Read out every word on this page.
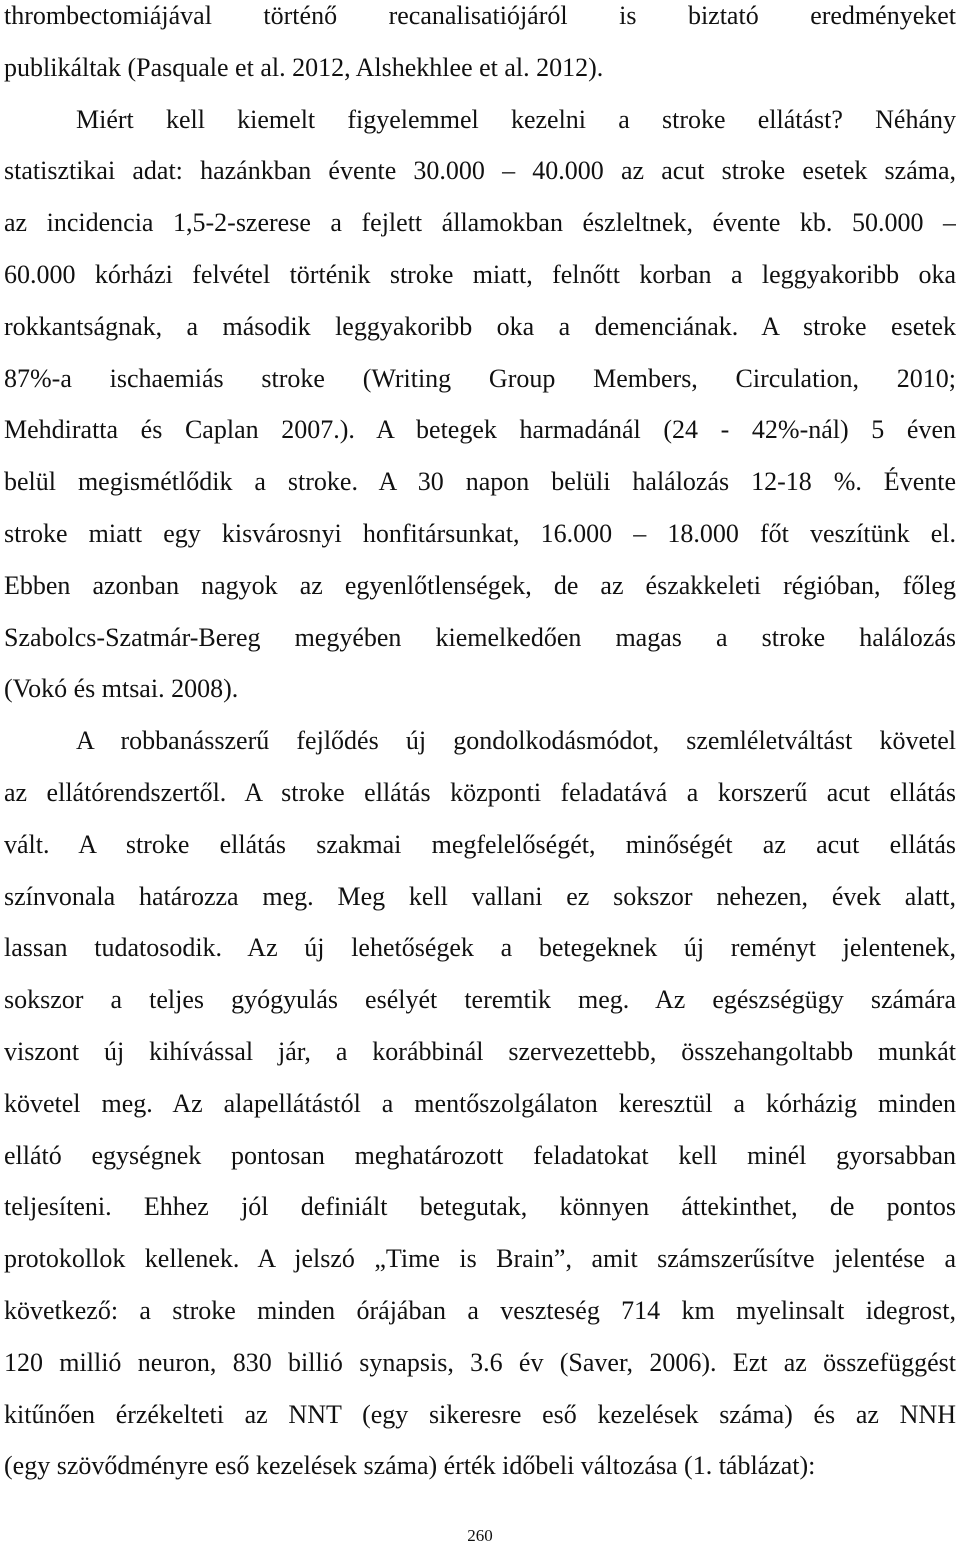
thrombectomiájával történő recanalisatiójáról is biztató eredményeket
publikáltak (Pasquale et al. 2012, Alshekhlee et al. 2012).
Miért kell kiemelt figyelemmel kezelni a stroke ellátást? Néhány
statisztikai adat: hazánkban évente 30.000 – 40.000 az acut stroke esetek száma,
az incidencia 1,5-2-szerese a fejlett államokban észleltnek, évente kb. 50.000 –
60.000 kórházi felvétel történik stroke miatt, felnőtt korban a leggyakoribb oka
rokkantságnak, a második leggyakoribb oka a demenciának. A stroke esetek
87%-a ischaemiás stroke (Writing Group Members, Circulation, 2010;
Mehdiratta és Caplan 2007.). A betegek harmadánál (24 - 42%-nál) 5 éven
belül megismétlődik a stroke. A 30 napon belüli halálozás 12-18 %. Évente
stroke miatt egy kisvárosnyi honfitársunkat, 16.000 – 18.000 főt veszítünk el.
Ebben azonban nagyok az egyenlőtlenségek, de az északkeleti régióban, főleg
Szabolcs-Szatmár-Bereg megyében kiemelkedően magas a stroke halálozás
(Vokó és mtsai. 2008).
A robbanásszerű fejlődés új gondolkodásmódot, szemléletváltást követel
az ellátórendszertől. A stroke ellátás központi feladatává a korszerű acut ellátás
vált. A stroke ellátás szakmai megfelelőségét, minőségét az acut ellátás
színvonala határozza meg. Meg kell vallani ez sokszor nehezen, évek alatt,
lassan tudatosodik. Az új lehetőségek a betegeknek új reményt jelentenek,
sokszor a teljes gyógyulás esélyét teremtik meg. Az egészségügy számára
viszont új kihívással jár, a korábbinál szervezettebb, összehangoltabb munkát
követel meg. Az alapellátástól a mentőszolgálaton keresztül a kórházig minden
ellátó egységnek pontosan meghatározott feladatokat kell minél gyorsabban
teljesíteni. Ehhez jól definiált betegutak, könnyen áttekinthet, de pontos
protokollok kellenek. A jelszó „Time is Brain”, amit számszerűsítve jelentése a
következő: a stroke minden órájában a veszteség 714 km myelinsalt idegrost,
120 millió neuron, 830 billió synapsis, 3.6 év (Saver, 2006). Ezt az összefüggést
kitűnően érzékelteti az NNT (egy sikeresre eső kezelések száma) és az NNH
(egy szövődményre eső kezelések száma) érték időbeli változása (1. táblázat):
260
